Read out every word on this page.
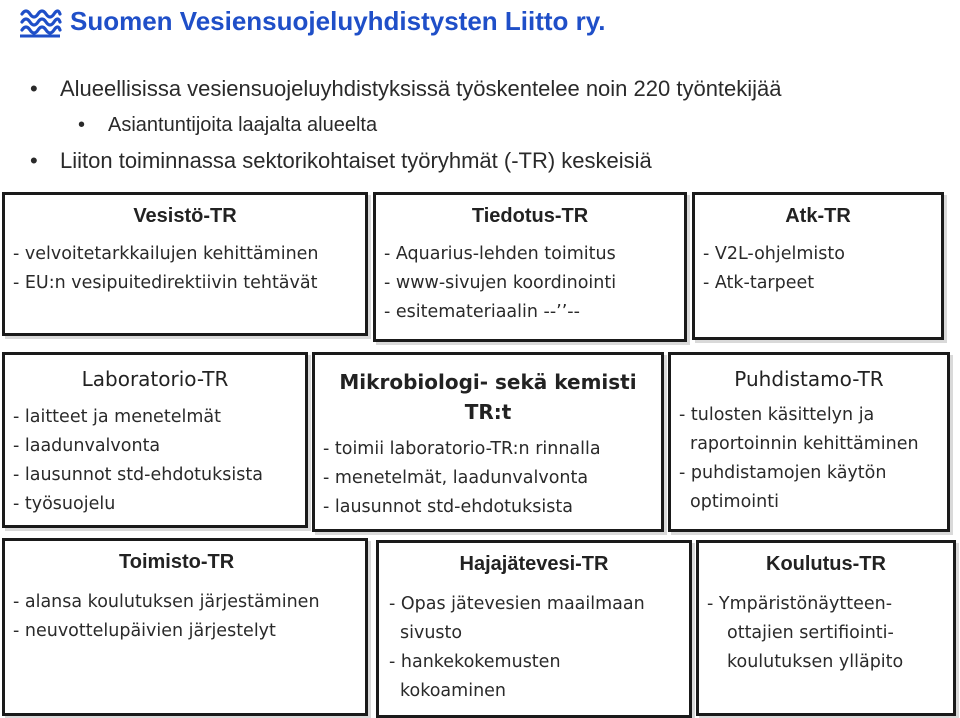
Suomen Vesiensuojeluyhdistysten Liitto ry.
• Alueellisissa vesiensuojeluyhdistyksissä työskentelee noin 220 työntekijää
• Asiantuntijoita laajalta alueelta
• Liiton toiminnassa sektorikohtaiset työryhmät (-TR) keskeisiä
Vesistö-TR
- velvoitetarkkailujen kehittäminen
- EU:n vesipuitedirektiivin tehtävät
Tiedotus-TR
- Aquarius-lehden toimitus
- www-sivujen koordinointi
- esitemateriaalin --’’--
Atk-TR
- V2L-ohjelmisto
- Atk-tarpeet
Laboratorio-TR
- laitteet ja menetelmät
- laadunvalvonta
- lausunnot std-ehdotuksista
- työsuojelu
Mikrobiologi- sekä kemisti
TR:t
- toimii laboratorio-TR:n rinnalla
- menetelmät, laadunvalvonta
- lausunnot std-ehdotuksista
Puhdistamo-TR
- tulosten käsittelyn ja
raportoinnin kehittäminen
- puhdistamojen käytön
optimointi
Toimisto-TR
- alansa koulutuksen järjestäminen
- neuvottelupäivien järjestelyt
Hajajätevesi-TR
- Opas jätevesien maailmaan
sivusto
- hankekokemusten
kokoaminen
Koulutus-TR
- Ympäristönäytteen-
ottajien sertifiointi-
koulutuksen ylläpito
